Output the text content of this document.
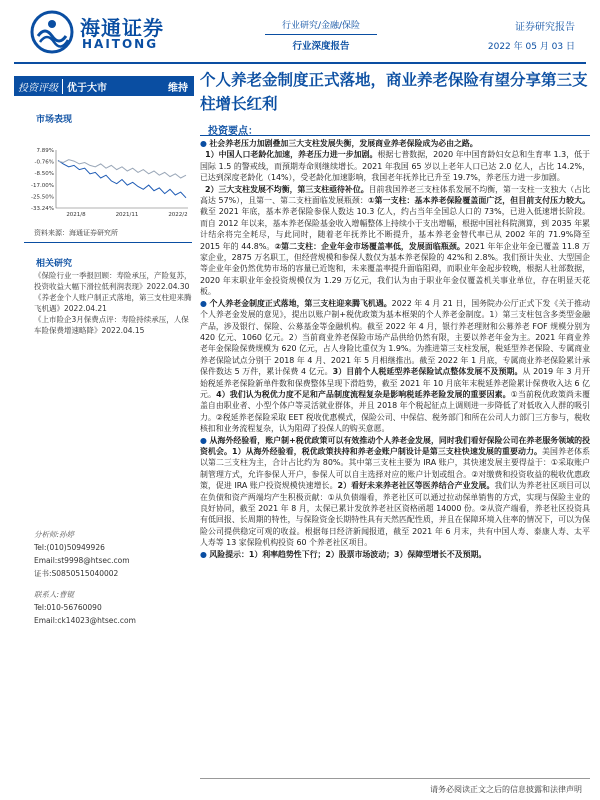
海通证券
HAITONG
行业研究/金融/保险
行业深度报告
证券研究报告
2022 年 05 月 03 日
投资评级 优于大市	维持 个人养老金制度正式落地，商业养老保险有望分享第三支柱增长红利
市场表现
7.89%
-0.76%
-8.50%
-17.00%
-25.50%
-33.24%
2021/8	2021/11	2022/2
资料来源：海通证券研究所
相关研究

《保险行业一季报回顾：寿险承压，产险复苏，投资收益大幅下滑拉低利润表现》2022.04.30

《养老金个人账户制正式落地，第三支柱迎来腾飞机遇》2022.04.21

《上市险企3月保费点评：寿险持续承压，人保车险保费增速略降》2022.04.15

分析师:孙婷
Tel:(010)50949926
Email:st9998@htsec.com
证书:S0850515040002
联系人:曹锟
Tel:010-56760090
Email:ck14023@htsec.com
投资要点：

● 社会养老压力加剧叠加三大支柱发展失衡，发展商业养老保险成为必由之路。

1）中国人口老龄化加速，养老压力进一步加剧。根据七普数据，2020 年中国育龄妇女总和生育率 1.3，低于国际 1.5 的警戒线，而預期寿命则继续增长。2021 年我国 65 岁以上老年人口已达 2.0 亿人，占比 14.2%，已达到深度老龄化（14%），受老龄化加速影响，我国老年抚养比已升至 19.7%，养老压力进一步加剧。

2）三大支柱发展不均衡，第三支柱亟待补位。目前我国养老三支柱体系发展不均衡，第一支柱一支独大（占比高达 57%），且第一、第二支柱面临发展瓶颈：①第一支柱：基本养老保险覆盖面广泛，但目前支付压力较大。截至 2021 年底，基本养老保险参保人数达 10.3 亿人，约占当年全国总人口的 73%，已进入低速增长阶段。而自 2012 年以来，基本养老保险基金收入增幅整体上持续小于支出增幅，根据中国社科院测算，到 2035 年累计结余将完全耗尽，与此同时，随着老年抚养比不断提升，基本养老金替代率已从 2002 年的 71.9%降至 2015 年的 44.8%。②第二支柱：企业年金市场覆盖率低，发展面临瓶颈。2021 年年企业年金已覆盖 11.8 万家企业，2875 万名职工，但经营规模和参保人数仅为基本养老保险的 42%和 2.8%。我们预计失业、大型国企等企业年金仍然优势市场的容量已近饱和，未来覆盖率提升面临阻碍，而职业年金起步较晚，根据人社部数据，2020 年末职业年金投资规模仅为 1.29 万亿元，我们认为由于职业年金仅覆盖机关事业单位，存在明显天花板。

● 个人养老金制度正式落地，第三支柱迎来腾飞机遇。2022 年 4 月 21 日，国务院办公厅正式下发《关于推动个人养老金发展的意见》，提出以账户制+税优政策为基本框架的个人养老金制度。1）第三支柱包含多类型金融产品，涉及银行、保险、公募基金等金融机构。截至 2022 年 4 月，银行养老理财和公募养老 FOF 规模分别为 420 亿元、1060 亿元。2）当前商业养老保险市场产品供给仍然有限，主要以养老年金为主。2021 年商业养老年金保险保费规模为 620 亿元，占人身险比重仅为 1.9%。为推进第三支柱发展，税延型养老保险、专属商业养老保险试点分别于 2018 年 4 月、2021 年 5 月相继推出。截至 2022 年 1 月底，专属商业养老保险累计承保件数达 5 万件，累计保费 4 亿元。3）目前个人税延型养老保险试点整体发展不及预期。从 2019 年 3 月开始税延养老保险新单件数和保费整体呈现下滑趋势，截至 2021 年 10 月底年末税延养老险累计保费收入达 6 亿元。4）我们认为税优力度不足和产品制度流程复杂是影响税延养老险发展的重要因素。①当前税优政策尚未覆盖自由职业者、小型个体户等灵活就业群体，并且 2018 年个税起征点上调则进一步降低了对低收入人群的吸引力。②税延养老保险采取 EET 税收优惠模式，保险公司、中保信、税务部门和所在公司人力部门三方参与，税收核扣和业务流程复杂，认为阻碍了投保人的购买意愿。

● 从海外经验看，账户制+税优政策可以有效推动个人养老金发展，同时我们看好保险公司在养老服务领域的投资机会。1）从海外经验看，税优政策扶持和养老金账户制设计是第三支柱快速发展的重要动力。美国养老体系以第二三支柱为主，合计占比约为 80%。其中第三支柱主要为 IRA 账户，其快速发展主要得益于：①采取账户制管理方式，允许参保人开户，参保人可以自主选择对应的账户计划或组合。②对缴费和投资收益的税收优惠政策，促进 IRA 账户投资规模快速增长。2）看好未来养老社区等医养结合产业发展。我们认为养老社区项目可以在负债和资产两端均产生积极贡献：①从负债端看，养老社区可以通过拉动保单销售的方式，实现与保险主业的良好协同，截至 2021 年 8 月，太保已累计发放养老社区资格函超 14000 份。②从资产端看，养老社区投资具有低回报、长周期的特性，与保险资金长期特性具有天然匹配性质，并且在保障环境入住率的情况下，可以为保险公司提供稳定可观的收益。根据每日经济新闻报道，截至 2021 年 6 月末，共有中国人寿、泰康人寿、太平人寿等 13 家保险机构投资 60 个养老社区项目。

● 风险提示：1）利率趋势性下行；2）股票市场波动；3）保障型增长不及预期。

请务必阅读正文之后的信息披露和法律声明
